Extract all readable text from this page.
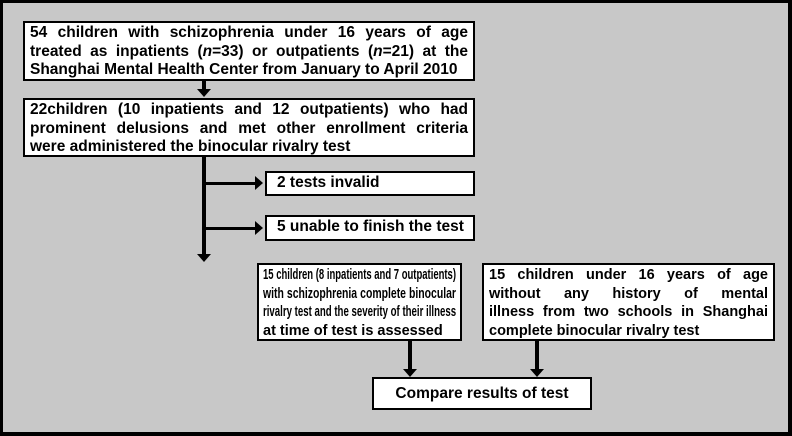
54 children with schizophrenia under 16 years of age
treated as inpatients (n=33) or outpatients (n=21) at the
Shanghai Mental Health Center from January to April 2010
22children (10 inpatients and 12 outpatients) who had
prominent delusions and met other enrollment criteria
were administered the binocular rivalry test
2 tests invalid
5 unable to finish the test
15 children (8 inpatients and 7 outpatients)
with schizophrenia complete binocular
rivalry test and the severity of their illness
at time of test is assessed
15 children under 16 years of age
without any history of mental
illness from two schools in Shanghai
complete binocular rivalry test
Compare results of test
